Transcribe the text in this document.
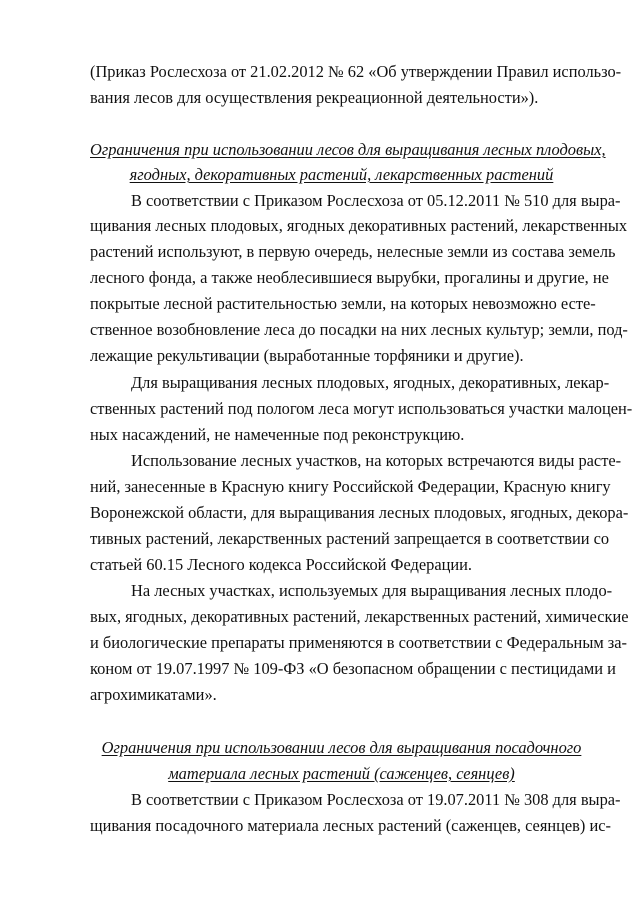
(Приказ Рослесхоза от 21.02.2012 № 62 «Об утверждении Правил использо-
вания лесов для осуществления рекреационной деятельности»).
Ограничения при использовании лесов для выращивания лесных плодовых,
ягодных, декоративных растений, лекарственных растений
В соответствии с Приказом Рослесхоза от 05.12.2011 № 510 для выра-
щивания лесных плодовых, ягодных декоративных растений, лекарственных
растений используют, в первую очередь, нелесные земли из состава земель
лесного фонда, а также необлесившиеся вырубки, прогалины и другие, не
покрытые лесной растительностью земли, на которых невозможно есте-
ственное возобновление леса до посадки на них лесных культур; земли, под-
лежащие рекультивации (выработанные торфяники и другие).
Для выращивания лесных плодовых, ягодных, декоративных, лекар-
ственных растений под пологом леса могут использоваться участки малоцен-
ных насаждений, не намеченные под реконструкцию.
Использование лесных участков, на которых встречаются виды расте-
ний, занесенные в Красную книгу Российской Федерации, Красную книгу
Воронежской области, для выращивания лесных плодовых, ягодных, декора-
тивных растений, лекарственных растений запрещается в соответствии со
статьей 60.15 Лесного кодекса Российской Федерации.
На лесных участках, используемых для выращивания лесных плодо-
вых, ягодных, декоративных растений, лекарственных растений, химические
и биологические препараты применяются в соответствии с Федеральным за-
коном от 19.07.1997 № 109-ФЗ «О безопасном обращении с пестицидами и
агрохимикатами».
Ограничения при использовании лесов для выращивания посадочного
материала лесных растений (саженцев, сеянцев)
В соответствии с Приказом Рослесхоза от 19.07.2011 № 308 для выра-
щивания посадочного материала лесных растений (саженцев, сеянцев) ис-
